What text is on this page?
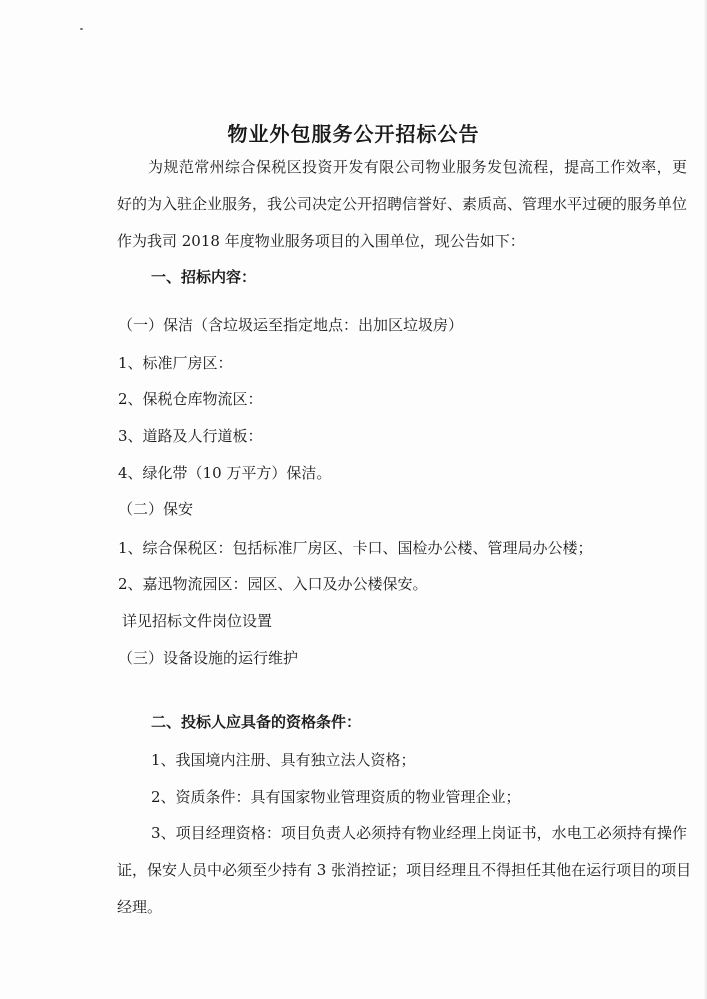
物业外包服务公开招标公告
为规范常州综合保税区投资开发有限公司物业服务发包流程，提高工作效率，更
好的为入驻企业服务，我公司决定公开招聘信誉好、素质高、管理水平过硬的服务单位
作为我司 2018 年度物业服务项目的入围单位，现公告如下：
一、招标内容：
（一）保洁（含垃圾运至指定地点：出加区垃圾房）
1、标准厂房区：
2、保税仓库物流区：
3、道路及人行道板：
4、绿化带（10 万平方）保洁。
（二）保安
1、综合保税区：包括标准厂房区、卡口、国检办公楼、管理局办公楼；
2、嘉迅物流园区：园区、入口及办公楼保安。
详见招标文件岗位设置
（三）设备设施的运行维护
二、投标人应具备的资格条件：
1、我国境内注册、具有独立法人资格；
2、资质条件：具有国家物业管理资质的物业管理企业；
3、项目经理资格：项目负责人必须持有物业经理上岗证书，水电工必须持有操作
证，保安人员中必须至少持有 3 张消控证；项目经理且不得担任其他在运行项目的项目
经理。
